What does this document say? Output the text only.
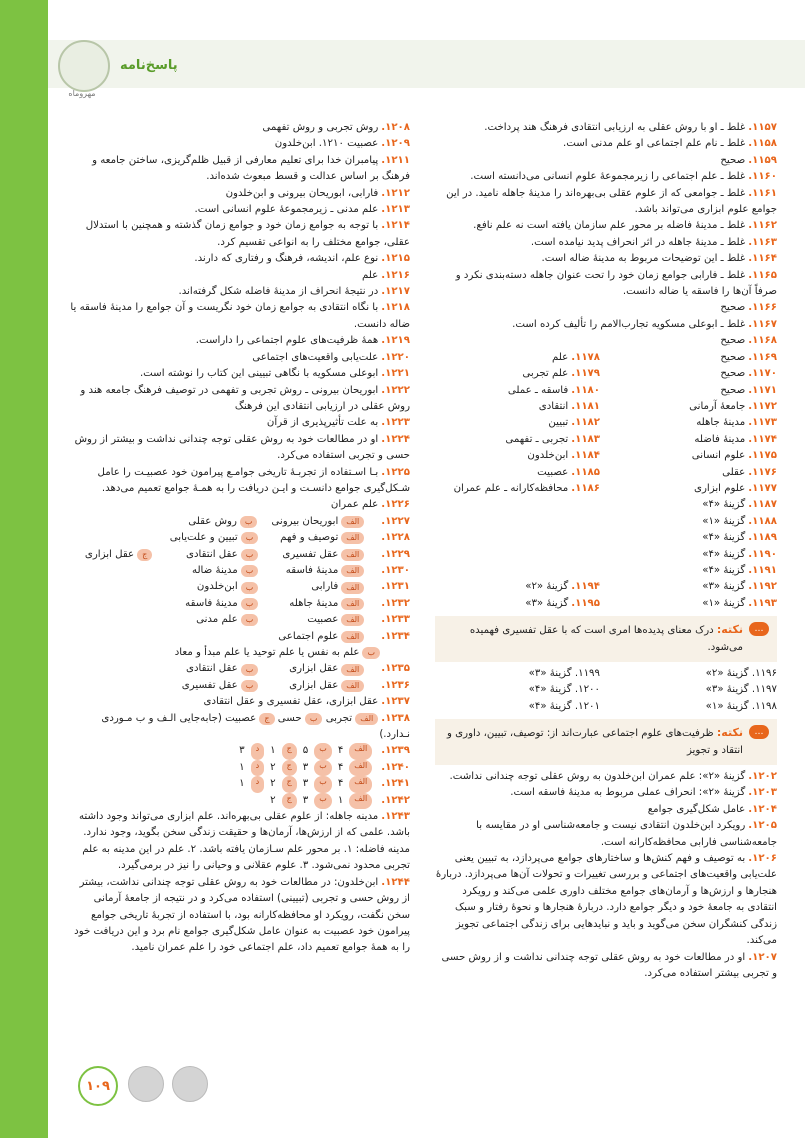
مهروماه
پاسخ‌نامه
۱۱۵۷.غلط ـ او با روش عقلی به ارزیابی انتقادی فرهنگ هند پرداخت.
۱۱۵۸.غلط ـ نام علم اجتماعی او علم مدنی است.
۱۱۵۹.صحیح
۱۱۶۰.غلط ـ علم اجتماعی را زیرمجموعۀ علوم انسانی می‌دانسته است.
۱۱۶۱.غلط ـ جوامعی که از علوم عقلی بی‌بهره‌اند را مدینۀ جاهله نامید. در این جوامع علوم ابزاری می‌تواند باشد.
۱۱۶۲.غلط ـ مدینۀ فاضله بر محور علم سازمان یافته است نه علم نافع.
۱۱۶۳.غلط ـ مدینۀ جاهله در اثر انحراف پدید نیامده است.
۱۱۶۴.غلط ـ این توضیحات مربوط به مدینۀ ضاله است.
۱۱۶۵.غلط ـ فارابی جوامع زمان خود را تحت عنوان جاهله دسته‌بندی نکرد و صرفاً آن‌ها را فاسقه یا ضاله دانست.
۱۱۶۶.صحیح
۱۱۶۷.غلط ـ ابوعلی مسکویه تجارب‌الامم را تألیف کرده است.
۱۱۶۸.صحیح
۱۱۶۹.صحیح
۱۱۷۸.علم
۱۱۷۰.صحیح
۱۱۷۹.علم تجربی
۱۱۷۱.صحیح
۱۱۸۰.فاسقه ـ عملی
۱۱۷۲.جامعۀ آرمانی
۱۱۸۱.انتقادی
۱۱۷۳.مدینۀ جاهله
۱۱۸۲.تبیین
۱۱۷۴.مدینۀ فاضله
۱۱۸۳.تجربی ـ تفهمی
۱۱۷۵.علوم انسانی
۱۱۸۴.ابن‌خلدون
۱۱۷۶.عقلی
۱۱۸۵.عصبیت
۱۱۷۷.علوم ابزاری
۱۱۸۶.محافظه‌کارانه ـ علم عمران
۱۱۸۷.گزینۀ «۴»
۱۱۸۸.گزینۀ «۱»
۱۱۸۹.گزینۀ «۴»
۱۱۹۰.گزینۀ «۴»
۱۱۹۱.گزینۀ «۴»
۱۱۹۲.گزینۀ «۳»
۱۱۹۴.گزینۀ «۲»
۱۱۹۳.گزینۀ «۱»
۱۱۹۵.گزینۀ «۳»
…
نکته: درک معنای پدیده‌ها امری است که با عقل تفسیری فهمیده می‌شود.
۱۱۹۶. گزینۀ «۲»
۱۱۹۹. گزینۀ «۳»
۱۱۹۷. گزینۀ «۳»
۱۲۰۰. گزینۀ «۴»
۱۱۹۸. گزینۀ «۱»
۱۲۰۱. گزینۀ «۴»
…
نکته: ظرفیت‌های علوم اجتماعی عبارت‌اند از: توصیف، تبیین، داوری و انتقاد و تجویز
۱۲۰۲.گزینۀ «۲»: علم عمران ابن‌خلدون به روش عقلی توجه چندانی نداشت.
۱۲۰۳.گزینۀ «۲»: انحراف عملی مربوط به مدینۀ فاسقه است.
۱۲۰۴.عامل شکل‌گیری جوامع
۱۲۰۵.رویکرد ابن‌خلدون انتقادی نیست و جامعه‌شناسی او در مقایسه با جامعه‌شناسی فارابی محافظه‌کارانه است.
۱۲۰۶.به توصیف و فهم کنش‌ها و ساختارهای جوامع می‌پردازد، به تبیین یعنی علت‌یابی واقعیت‌های اجتماعی و بررسی تغییرات و تحولات آن‌ها می‌پردازد. دربارۀ هنجارها و ارزش‌ها و آرمان‌های جوامع مختلف داوری علمی می‌کند و رویکرد انتقادی به جامعۀ خود و دیگر جوامع دارد. دربارۀ هنجارها و نحوۀ رفتار و سبک زندگی کنشگران سخن می‌گوید و باید و نبایدهایی برای زندگی اجتماعی تجویز می‌کند.
۱۲۰۷.او در مطالعات خود به روش عقلی توجه چندانی نداشت و از روش حسی و تجربی بیشتر استفاده می‌کرد.
۱۲۰۸.روش تجربی و روش تفهمی
۱۲۰۹.عصبیت ۱۲۱۰. ابن‌خلدون
۱۲۱۱.پیامبران خدا برای تعلیم معارفی از قبیل ظلم‌گریزی، ساختن جامعه و فرهنگ بر اساس عدالت و قسط مبعوث شده‌اند.
۱۲۱۲.فارابی، ابوریحان بیرونی و ابن‌خلدون
۱۲۱۳.علم مدنی ـ زیرمجموعۀ علوم انسانی است.
۱۲۱۴.با توجه به جوامع زمان خود و جوامع زمان گذشته و همچنین با استدلال عقلی، جوامع مختلف را به انواعی تقسیم کرد.
۱۲۱۵.نوع علم، اندیشه، فرهنگ و رفتاری که دارند.
۱۲۱۶.علم
۱۲۱۷.در نتیجۀ انحراف از مدینۀ فاضله شکل گرفته‌اند.
۱۲۱۸.با نگاه انتقادی به جوامع زمان خود نگریست و آن جوامع را مدینۀ فاسقه یا ضاله دانست.
۱۲۱۹.همۀ ظرفیت‌های علوم اجتماعی را داراست.
۱۲۲۰.علت‌یابی واقعیت‌های اجتماعی
۱۲۲۱.ابوعلی مسکویه با نگاهی تبیینی این کتاب را نوشته است.
۱۲۲۲.ابوریحان بیرونی ـ روش تجربی و تفهمی در توصیف فرهنگ جامعه هند و روش عقلی در ارزیابی انتقادی این فرهنگ
۱۲۲۳.به علت تأثیرپذیری از قرآن
۱۲۲۴.او در مطالعات خود به روش عقلی توجه چندانی نداشت و بیشتر از روش حسی و تجربی استفاده می‌کرد.
۱۲۲۵.بـا اسـتفاده از تجربـۀ تاریخی جوامـع پیرامون خود عصبیـت را عامل شـکل‌گیری جوامع دانسـت و ایـن دریافت را به همـۀ جوامع تعمیم می‌دهد.
۱۲۲۶.علم عمران
۱۲۲۷.
الف
ابوریحان بیرونی
ب
روش عقلی
۱۲۲۸.
الف
توصیف و فهم
ب
تبیین و علت‌یابی
۱۲۲۹.
الف
عقل تفسیری
ب
عقل انتقادی
ج
عقل ابزاری
۱۲۳۰.
الف
مدینۀ فاسقه
ب
مدینۀ ضاله
۱۲۳۱.
الف
فارابی
ب
ابن‌خلدون
۱۲۳۲.
الف
مدینۀ جاهله
ب
مدینۀ فاسقه
۱۲۳۳.
الف
عصبیت
ب
علم مدنی
۱۲۳۴.
الف
علوم اجتماعی
ب
علم به نفس یا علم توحید یا علم مبدأ و معاد
۱۲۳۵.
الف
عقل ابزاری
ب
عقل انتقادی
۱۲۳۶.
الف
عقل ابزاری
ب
عقل تفسیری
۱۲۳۷.عقل ابزاری، عقل تفسیری و عقل انتقادی
۱۲۳۸.الف تجربی ب حسی ج عصبیت (جابه‌جایی الـف و ب مـوردی نـدارد.)
۱۲۳۹.
الف
۴
ب
۵
ج
۱
د
۳
۱۲۴۰.
الف
۴
ب
۳
ج
۲
د
۱
۱۲۴۱.
الف
۴
ب
۳
ج
۲
د
۱
۱۲۴۲.
الف
۱
ب
۳
ج
۲
۱۲۴۳.مدینه جاهله: از علوم عقلی بی‌بهره‌اند. علم ابزاری می‌تواند وجود داشته باشد. علمی که از ارزش‌ها، آرمان‌ها و حقیقت زندگی سخن بگوید، وجود ندارد. مدینه فاضله: ۱. بر محور علم سـازمان یافته باشد. ۲. علم در این مدینه به علم تجربی محدود نمی‌شود. ۳. علوم عقلانی و وحیانی را نیز در برمی‌گیرد.
۱۲۴۴.ابن‌خلدون: در مطالعات خود به روش عقلی توجه چندانی نداشت، بیشتر از روش حسی و تجربی (تبیینی) استفاده می‌کرد و در نتیجه از جامعۀ آرمانی سخن نگفت، رویکرد او محافظه‌کارانه بود، با استفاده از تجربۀ تاریخی جوامع پیرامون خود عصبیت به عنوان عامل شکل‌گیری جوامع نام برد و این دریافت خود را به همۀ جوامع تعمیم داد، علم اجتماعی خود را علم عمران نامید.
۱۰۹
